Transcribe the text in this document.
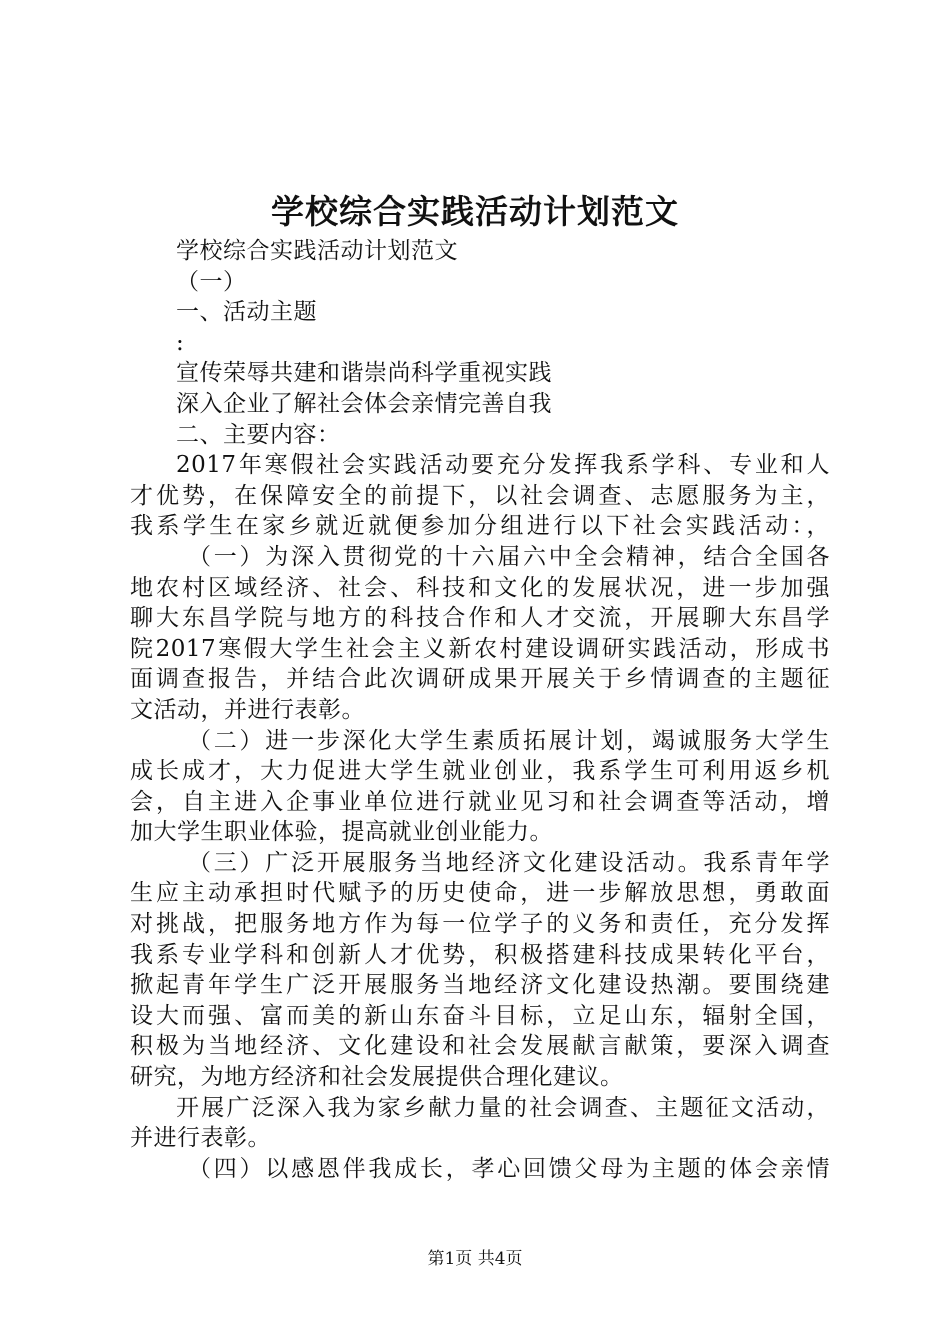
学校综合实践活动计划范文
学校综合实践活动计划范文
（一）
一、活动主题
:
宣传荣辱共建和谐崇尚科学重视实践
深入企业了解社会体会亲情完善自我
二、主要内容：
2017年寒假社会实践活动要充分发挥我系学科、专业和人
才优势，在保障安全的前提下，以社会调查、志愿服务为主，
我系学生在家乡就近就便参加分组进行以下社会实践活动：，
（一）为深入贯彻党的十六届六中全会精神，结合全国各
地农村区域经济、社会、科技和文化的发展状况，进一步加强
聊大东昌学院与地方的科技合作和人才交流，开展聊大东昌学
院2017寒假大学生社会主义新农村建设调研实践活动，形成书
面调查报告，并结合此次调研成果开展关于乡情调查的主题征
文活动，并进行表彰。
（二）进一步深化大学生素质拓展计划，竭诚服务大学生
成长成才，大力促进大学生就业创业，我系学生可利用返乡机
会，自主进入企事业单位进行就业见习和社会调查等活动，增
加大学生职业体验，提高就业创业能力。
（三）广泛开展服务当地经济文化建设活动。我系青年学
生应主动承担时代赋予的历史使命，进一步解放思想，勇敢面
对挑战，把服务地方作为每一位学子的义务和责任，充分发挥
我系专业学科和创新人才优势，积极搭建科技成果转化平台，
掀起青年学生广泛开展服务当地经济文化建设热潮。要围绕建
设大而强、富而美的新山东奋斗目标，立足山东，辐射全国，
积极为当地经济、文化建设和社会发展献言献策，要深入调查
研究，为地方经济和社会发展提供合理化建议。
开展广泛深入我为家乡献力量的社会调查、主题征文活动，
并进行表彰。
（四）以感恩伴我成长，孝心回馈父母为主题的体会亲情
第1页 共4页
